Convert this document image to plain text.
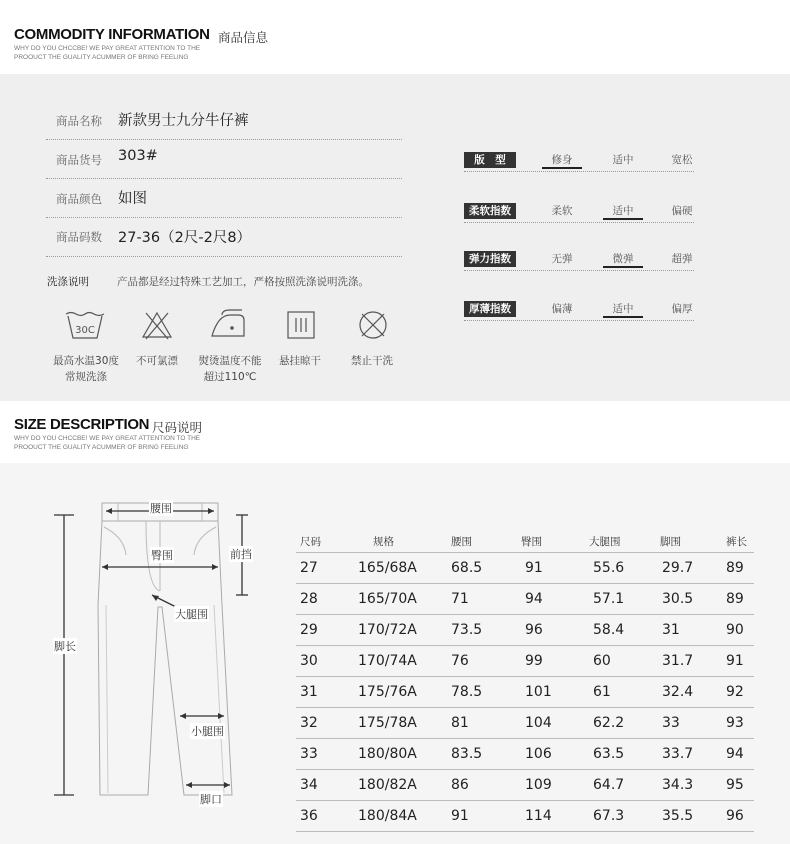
COMMODITY INFORMATION 商品信息
WHY DO YOU CHCCBE! WE PAY GREAT ATTENTION TO THE
PROOUCT THE GUALITY ACUMMER OF BRING FEELING
商品名称 新款男士九分牛仔裤
商品货号 303#
商品颜色 如图
商品码数 27-36（2尺-2尺8）
版　型	修身	适中	宽松
柔软指数	柔软	适中	偏硬
弹力指数	无弹	微弹	超弹
厚薄指数	偏薄	适中	偏厚
洗涤说明	产品都是经过特殊工艺加工，严格按照洗涤说明洗涤。
30C
最高水温30度
常规洗涤
不可氯漂	熨烫温度不能
超过110℃
悬挂晾干	禁止干洗
SIZE DESCRIPTION 尺码说明
WHY DO YOU CHCCBE! WE PAY GREAT ATTENTION TO THE
PROOUCT THE GUALITY ACUMMER OF BRING FEELING
腰围
臀围	前挡
大腿围
脚长
小腿围
脚口
尺码	规格	腰围	臀围	大腿围	脚围	裤长
27	165/68A 68.5	91	55.6	29.7 89
28	165/70A 71	94	57.1	30.5 89
29	170/72A 73.5	96	58.4	31	90
30	170/74A 76	99	60	31.7 91
31	175/76A 78.5	101	61	32.4 92
32	175/78A 81	104	62.2	33	93
33	180/80A 83.5	106	63.5	33.7 94
34	180/82A 86	109	64.7	34.3 95
36	180/84A 91	114	67.3	35.5 96
